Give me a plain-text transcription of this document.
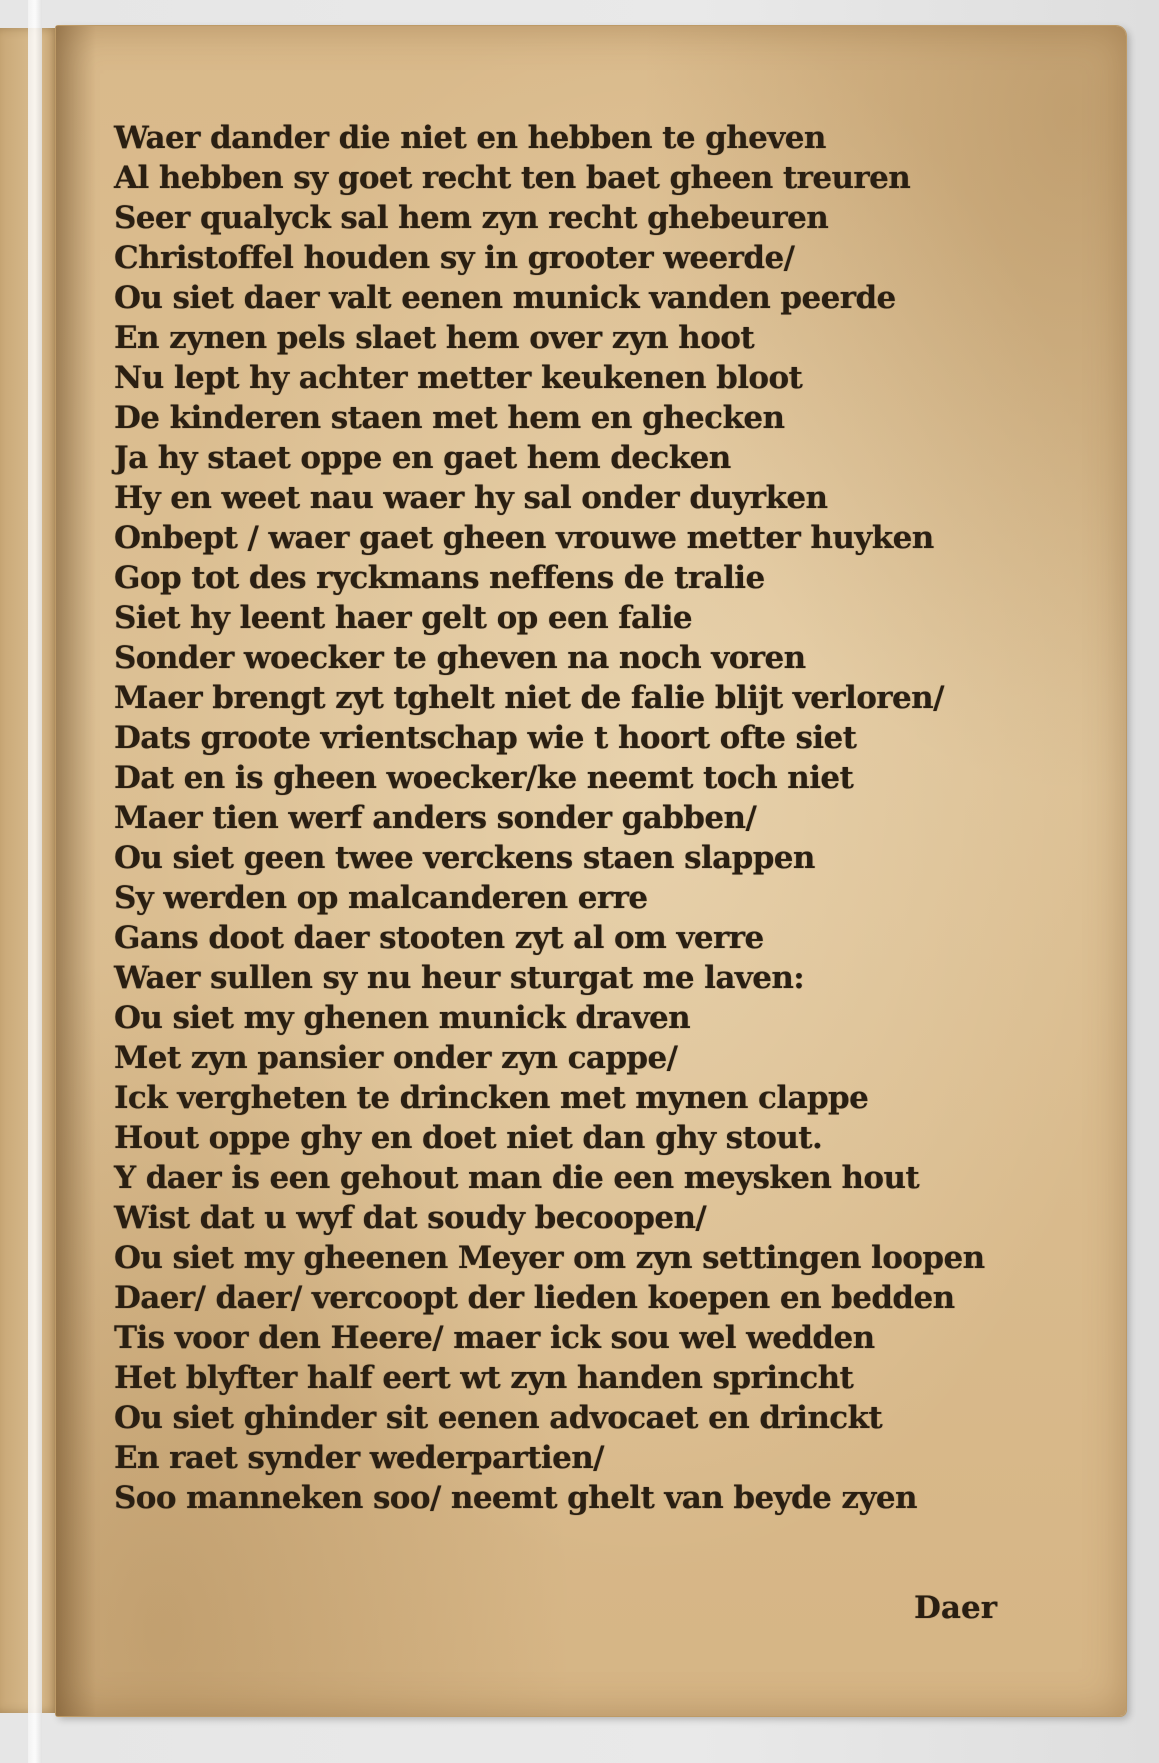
Waer dander die niet en hebben te gheven
Al hebben sy goet recht ten baet gheen treuren
Seer qualyck sal hem zyn recht ghebeuren
Christoffel houden sy in grooter weerde/
Ou siet daer valt eenen munick vanden peerde
En zynen pels slaet hem over zyn hoot
Nu lept hy achter metter keukenen bloot
De kinderen staen met hem en ghecken
Ja hy staet oppe en gaet hem decken
Hy en weet nau waer hy sal onder duyrken
Onbept / waer gaet gheen vrouwe metter huyken
Gop tot des ryckmans neffens de tralie
Siet hy leent haer gelt op een falie
Sonder woecker te gheven na noch voren
Maer brengt zyt tghelt niet de falie blijt verloren/
Dats groote vrientschap wie t hoort ofte siet
Dat en is gheen woecker/ke neemt toch niet
Maer tien werf anders sonder gabben/
Ou siet geen twee verckens staen slappen
Sy werden op malcanderen erre
Gans doot daer stooten zyt al om verre
Waer sullen sy nu heur sturgat me laven:
Ou siet my ghenen munick draven
Met zyn pansier onder zyn cappe/
Ick vergheten te drincken met mynen clappe
Hout oppe ghy en doet niet dan ghy stout.
Y daer is een gehout man die een meysken hout
Wist dat u wyf dat soudy becoopen/
Ou siet my gheenen Meyer om zyn settingen loopen
Daer/ daer/ vercoopt der lieden koepen en bedden
Tis voor den Heere/ maer ick sou wel wedden
Het blyfter half eert wt zyn handen sprincht
Ou siet ghinder sit eenen advocaet en drinckt
En raet synder wederpartien/
Soo manneken soo/ neemt ghelt van beyde zyen
Daer
